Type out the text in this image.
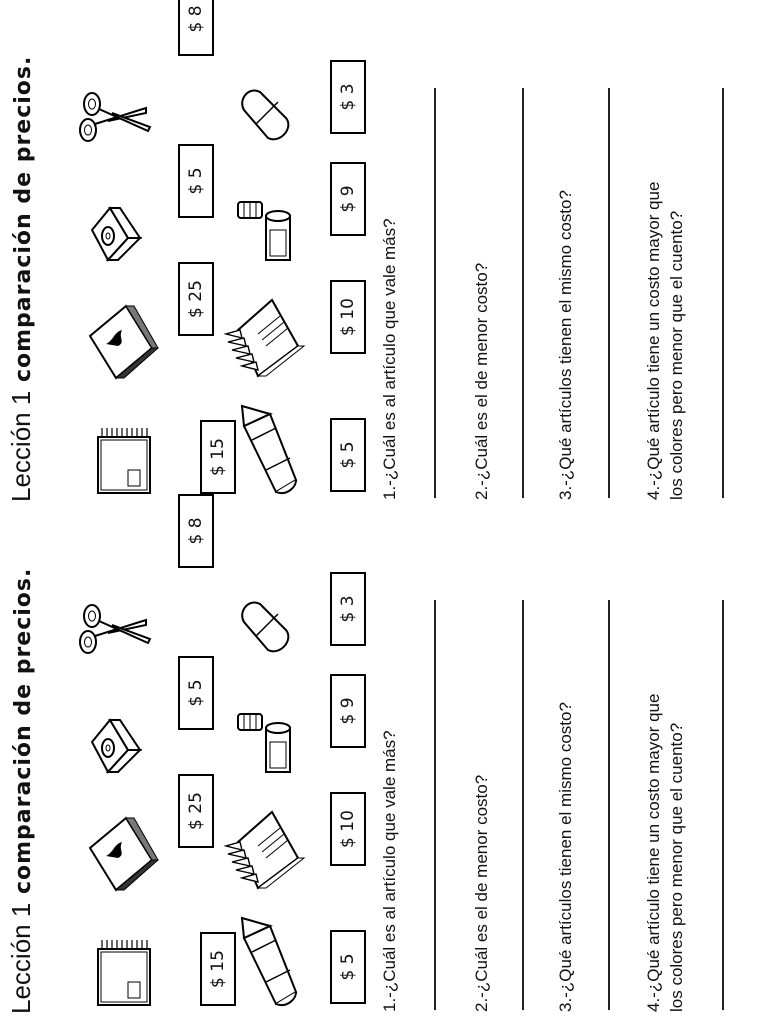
Lección 1 comparación de precios.
$ 15
$ 25
$ 5
$ 8
$ 5
$ 10
$ 9
$ 3
1.-¿Cuál es al artículo que vale más?	2.-¿Cuál es el de menor costo?	3.-¿Qué artículos tienen el mismo costo?	4.-¿Qué artículo tiene un costo mayor que los colores pero menor que el cuento?
Lección 1 comparación de precios.
$ 15
$ 25
$ 5
$ 8
$ 5
$ 10
$ 9
$ 3
1.-¿Cuál es al artículo que vale más?	2.-¿Cuál es el de menor costo?	3.-¿Qué artículos tienen el mismo costo?	4.-¿Qué artículo tiene un costo mayor que los colores pero menor que el cuento?
